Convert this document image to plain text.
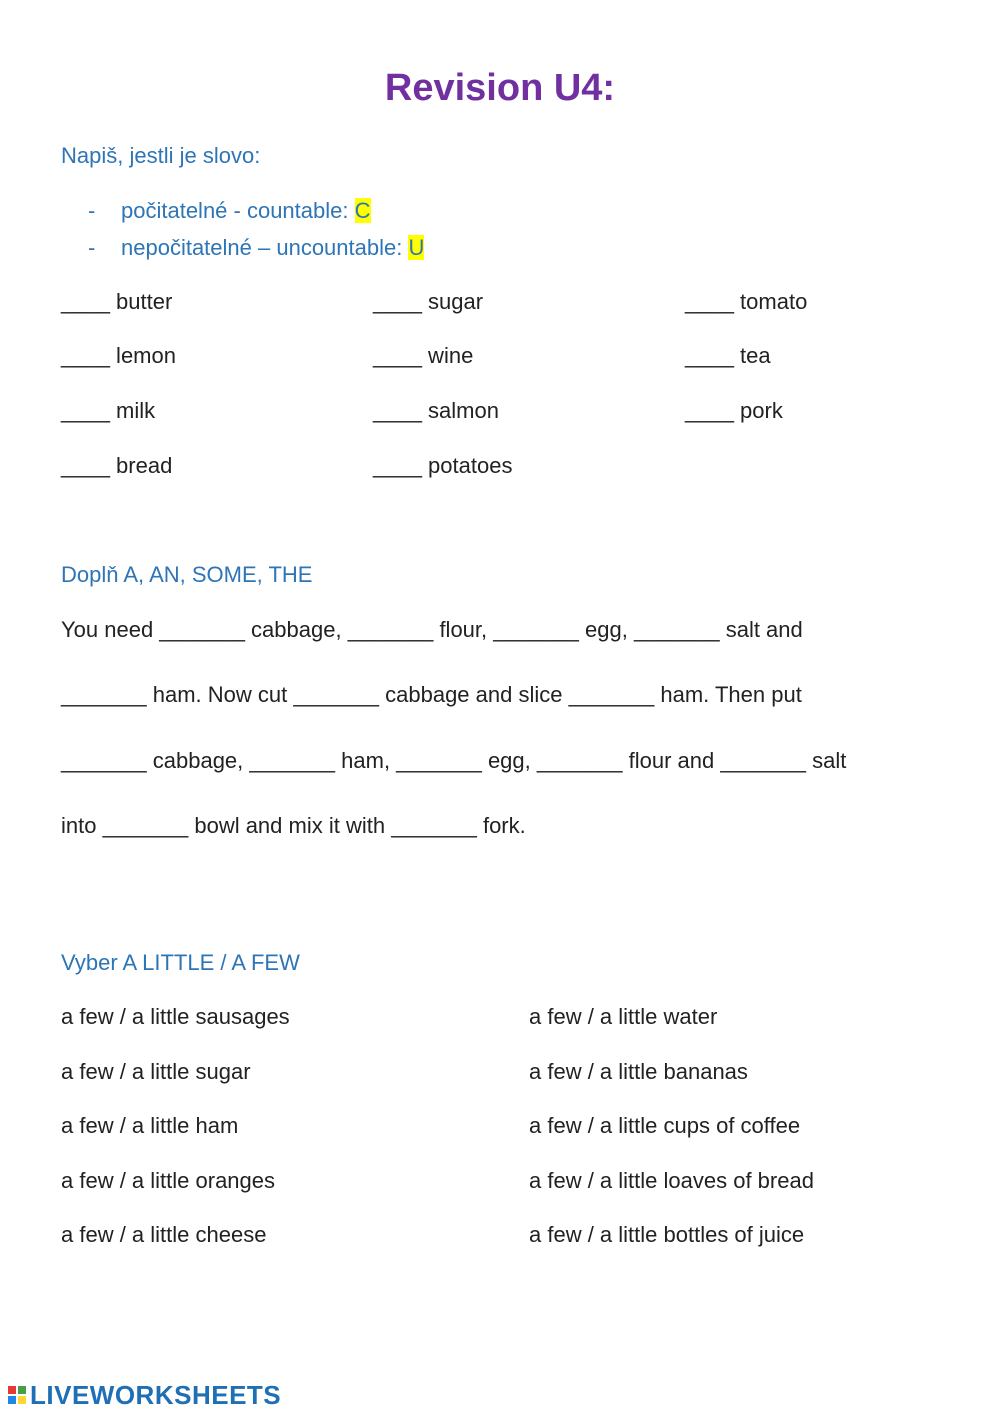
Revision U4:
Napiš, jestli je slovo:
- počitatelné - countable: C
- nepočitatelné – uncountable: U
____ butter	____ sugar	____ tomato
____ lemon	____ wine	____ tea
____ milk	____ salmon	____ pork
____ bread	____ potatoes
Doplň A, AN, SOME, THE
You need _______ cabbage, _______ flour, _______ egg, _______ salt and
_______ ham. Now cut _______ cabbage and slice _______ ham. Then put
_______ cabbage, _______ ham, _______ egg, _______ flour and _______ salt
into _______ bowl and mix it with _______ fork.
Vyber A LITTLE / A FEW
a few / a little sausages
a few / a little sugar
a few / a little ham
a few / a little oranges
a few / a little cheese
a few / a little water
a few / a little bananas
a few / a little cups of coffee
a few / a little loaves of bread
a few / a little bottles of juice
LIVEWORKSHEETS
